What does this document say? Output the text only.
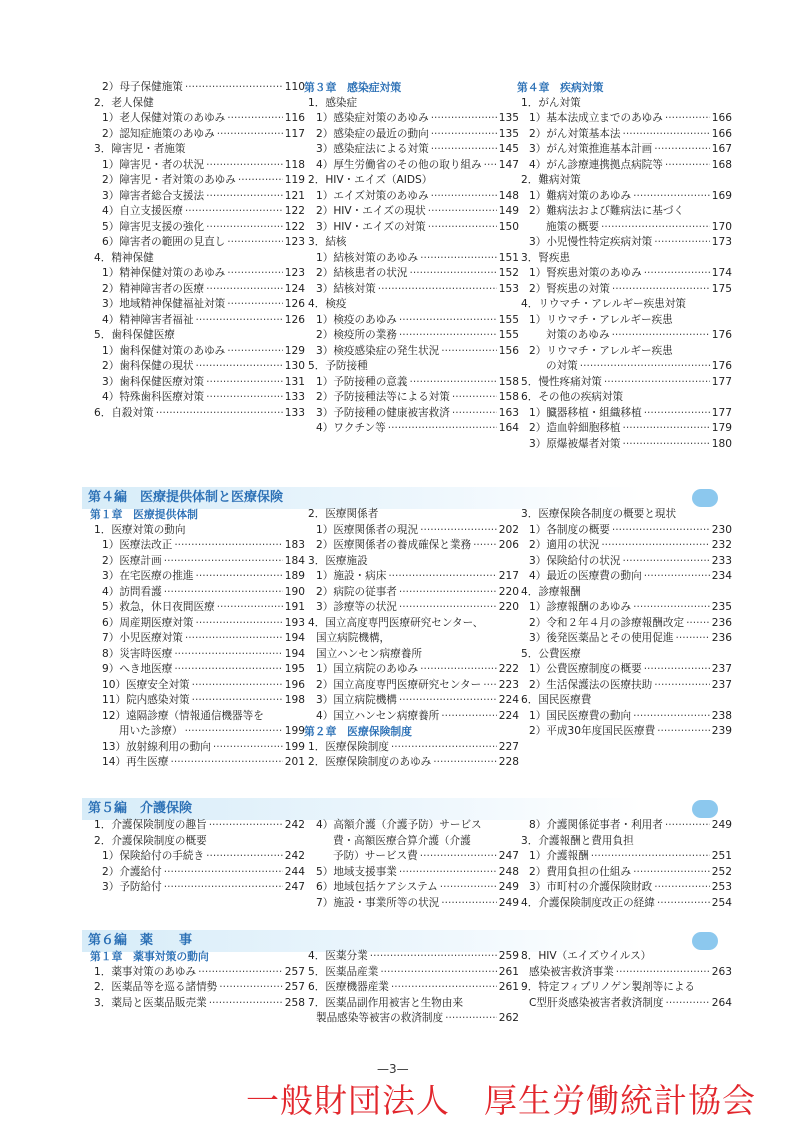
第４編　医療提供体制と医療保険
第５編　介護保険
第６編　薬　　事
2）母子保健施策 ·····	110
2．老人保健
1）老人保健対策のあゆみ ·····	116
2）認知症施策のあゆみ ·····	117
3．障害児・者施策
1）障害児・者の状況 ·····	118
2）障害児・者対策のあゆみ ·····	119
3）障害者総合支援法 ·····	121
4）自立支援医療 ·····	122
5）障害児支援の強化 ·····	122
6）障害者の範囲の見直し ·····	123
4．精神保健
1）精神保健対策のあゆみ ·····	123
2）精神障害者の医療 ·····	124
3）地域精神保健福祉対策 ·····	126
4）精神障害者福祉 ·····	126
5．歯科保健医療
1）歯科保健対策のあゆみ ·····	129
2）歯科保健の現状 ·····	130
3）歯科保健医療対策 ·····	131
4）特殊歯科医療対策 ·····	133
6．自殺対策 ·····	133
第３章　感染症対策
1．感染症
1）感染症対策のあゆみ ·····	135
2）感染症の最近の動向 ·····	135
3）感染症法による対策 ·····	145
4）厚生労働省のその他の取り組み ····· 147
2．HIV・エイズ（AIDS）
1）エイズ対策のあゆみ ·····	148
2）HIV・エイズの現状 ·····	149
3）HIV・エイズの対策 ·····	150
3．結核
1）結核対策のあゆみ ·····	151
2）結核患者の状況 ·····	152
3）結核対策 ·····	153
4．検疫
1）検疫のあゆみ ·····	155
2）検疫所の業務 ·····	155
3）検疫感染症の発生状況 ·····	156
5．予防接種
1）予防接種の意義 ·····	158
2）予防接種法等による対策 ·····	158
3）予防接種の健康被害救済 ·····	163
4）ワクチン等 ·····	164
第４章　疾病対策
1．がん対策
1）基本法成立までのあゆみ ·····	166
2）がん対策基本法 ·····	166
3）がん対策推進基本計画 ·····	167
4）がん診療連携拠点病院等 ·····	168
2．難病対策
1）難病対策のあゆみ ·····	169
2）難病法および難病法に基づく
施策の概要 ·····	170
3）小児慢性特定疾病対策 ·····	173
3．腎疾患
1）腎疾患対策のあゆみ ·····	174
2）腎疾患の対策 ·····	175
4．リウマチ・アレルギー疾患対策
1）リウマチ・アレルギー疾患
対策のあゆみ ·····	176
2）リウマチ・アレルギー疾患
の対策 ·····	176
5．慢性疼痛対策 ·····	177
6．その他の疾病対策
1）臓器移植・組織移植 ·····	177
2）造血幹細胞移植 ·····	179
3）原爆被爆者対策 ·····	180
第１章　医療提供体制
1．医療対策の動向
1）医療法改正 ·····	183
2）医療計画 ·····	184
3）在宅医療の推進 ·····	189
4）訪問看護 ·····	190
5）救急，休日夜間医療 ·····	191
6）周産期医療対策 ·····	193
7）小児医療対策 ·····	194
8）災害時医療 ·····	194
9）へき地医療 ·····	195
10）医療安全対策 ·····	196
11）院内感染対策 ·····	198
12）遠隔診療（情報通信機器等を
用いた診療） ·····	199
13）放射線利用の動向 ·····	199
14）再生医療 ·····	201
2．医療関係者
1）医療関係者の現況 ·····	202
2）医療関係者の養成確保と業務 ·····	206
3．医療施設
1）施設・病床 ·····	217
2）病院の従事者 ·····	220
3）診療等の状況 ·····	220
4．国立高度専門医療研究センター、
国立病院機構，
国立ハンセン病療養所
1）国立病院のあゆみ ·····	222
2）国立高度専門医療研究センター ····· 223
3）国立病院機構 ·····	224
4）国立ハンセン病療養所 ·····	224
第２章　医療保険制度
1．医療保険制度 ·····	227
2．医療保険制度のあゆみ ·····	228
3．医療保険各制度の概要と現状
1）各制度の概要 ·····	230
2）適用の状況 ·····	232
3）保険給付の状況 ·····	233
4）最近の医療費の動向 ·····	234
4．診療報酬
1）診療報酬のあゆみ ·····	235
2）令和２年４月の診療報酬改定 ·····	236
3）後発医薬品とその使用促進 ·····	236
5．公費医療
1）公費医療制度の概要 ·····	237
2）生活保護法の医療扶助 ·····	237
6．国民医療費
1）国民医療費の動向 ·····	238
2）平成30年度国民医療費 ·····	239
1．介護保険制度の趣旨 ·····	242
2．介護保険制度の概要
1）保険給付の手続き ·····	242
2）介護給付 ·····	244
3）予防給付 ·····	247
4）高額介護（介護予防）サービス
費・高額医療合算介護（介護
予防）サービス費 ·····	247
5）地域支援事業 ·····	248
6）地域包括ケアシステム ·····	249
7）施設・事業所等の状況 ·····	249
8）介護関係従事者・利用者 ·····	249
3．介護報酬と費用負担
1）介護報酬 ·····	251
2）費用負担の仕組み ·····	252
3）市町村の介護保険財政 ·····	253
4．介護保険制度改正の経緯 ·····	254
第１章　薬事対策の動向
1．薬事対策のあゆみ ·····	257
2．医薬品等を巡る諸情勢 ·····	257
3．薬局と医薬品販売業 ·····	258
4．医薬分業 ·····	259
5．医薬品産業 ·····	261
6．医療機器産業 ·····	261
7．医薬品副作用被害と生物由来
製品感染等被害の救済制度 ·····	262
8．HIV（エイズウイルス）
感染被害救済事業 ·····	263
9．特定フィブリノゲン製剤等による
C型肝炎感染被害者救済制度 ·····	264
—3—
一般財団法人　厚生労働統計協会
